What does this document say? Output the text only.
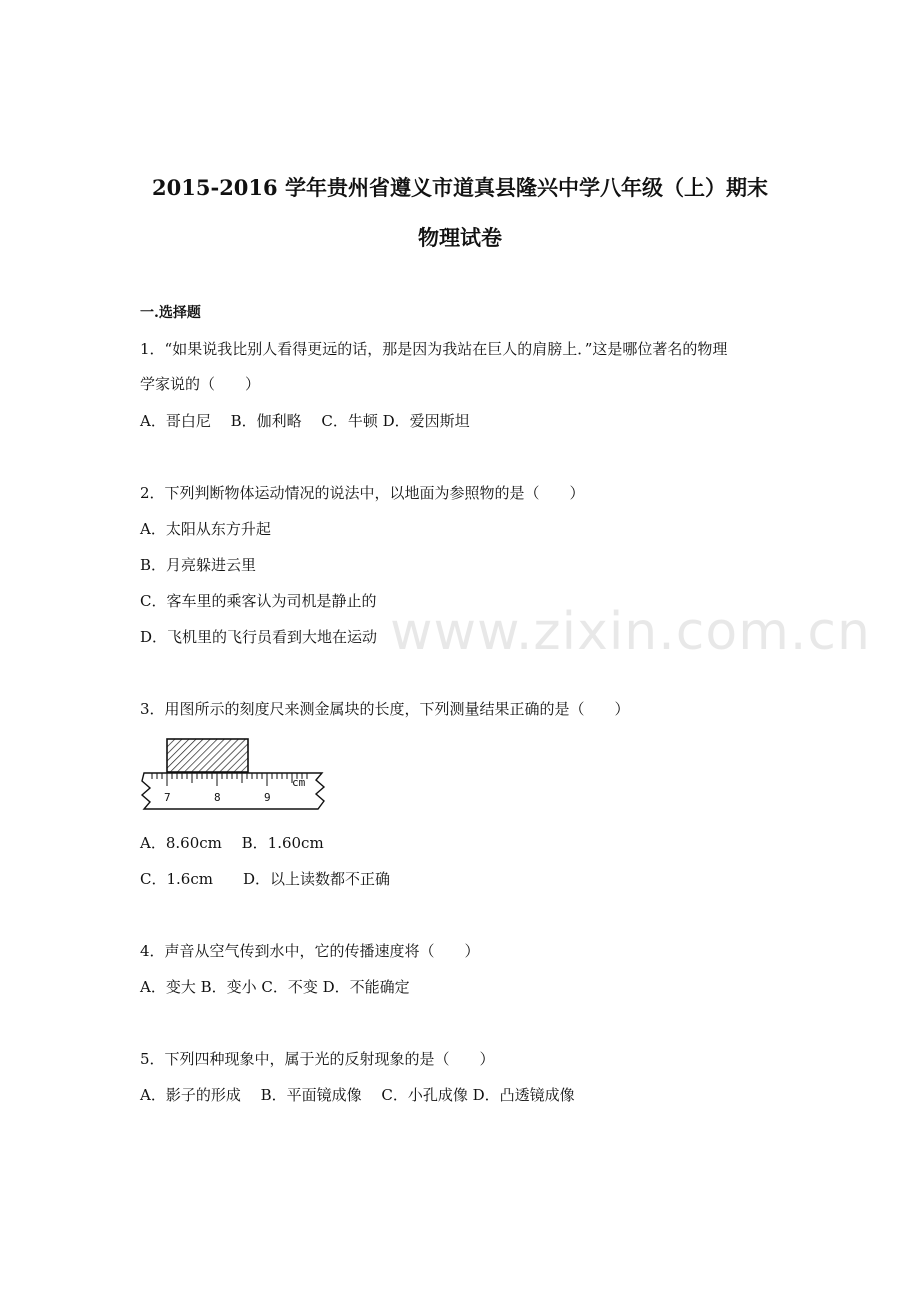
2015-2016 学年贵州省遵义市道真县隆兴中学八年级（上）期末
物理试卷
一.选择题
1．“如果说我比别人看得更远的话，那是因为我站在巨人的肩膀上．”这是哪位著名的物理
学家说的（　　）
A．哥白尼　 B．伽利略　 C．牛顿 D．爱因斯坦
2．下列判断物体运动情况的说法中，以地面为参照物的是（　　）
A．太阳从东方升起
B．月亮躲进云里
C．客车里的乘客认为司机是静止的
D．飞机里的飞行员看到大地在运动 www.zixin.com.cn
3．用图所示的刻度尺来测金属块的长度，下列测量结果正确的是（　　）
7	8	9
cm
A．8.60cm　 B．1.60cm
C．1.6cm　　D．以上读数都不正确
4．声音从空气传到水中，它的传播速度将（　　）
A．变大 B．变小 C．不变 D．不能确定
5．下列四种现象中，属于光的反射现象的是（　　）
A．影子的形成　 B．平面镜成像　 C．小孔成像 D．凸透镜成像
